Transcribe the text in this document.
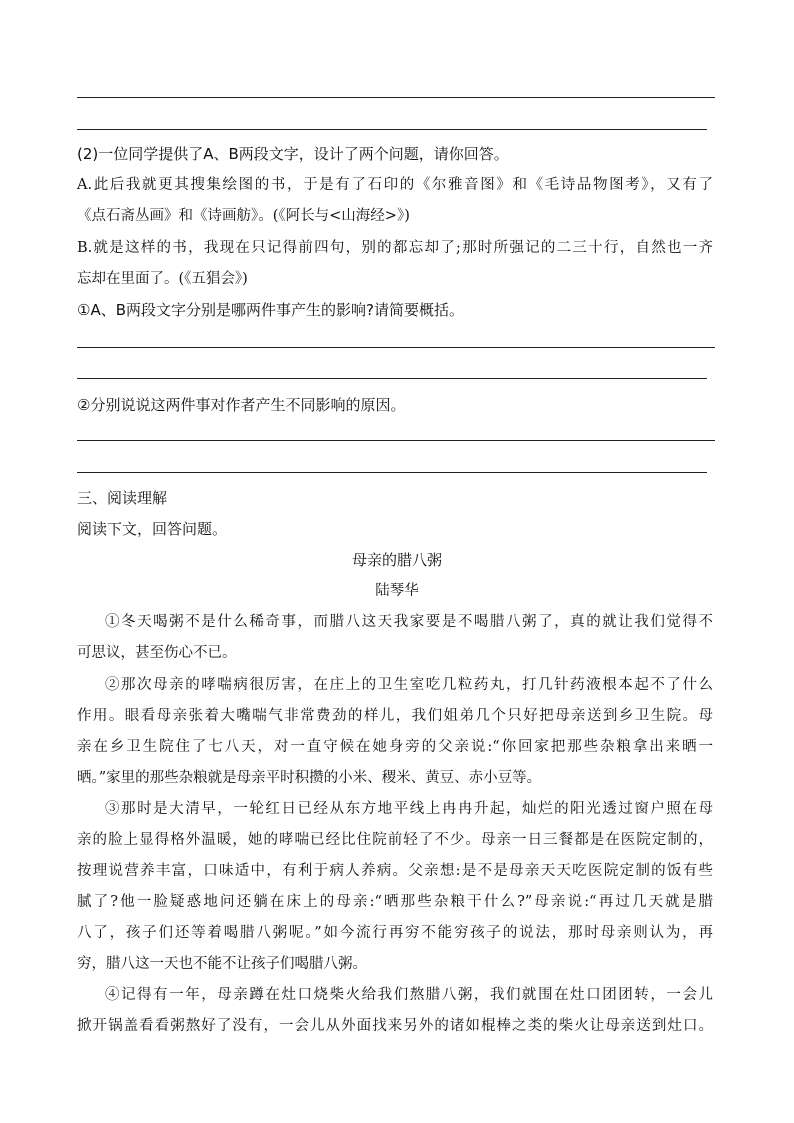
(2)一位同学提供了A、B两段文字，设计了两个问题，请你回答。
A.此后我就更其搜集绘图的书，于是有了石印的《尔雅音图》和《毛诗品物图考》，又有了
《点石斋丛画》和《诗画舫》。(《阿长与<山海经>》)
B.就是这样的书，我现在只记得前四句，别的都忘却了;那时所强记的二三十行，自然也一齐
忘却在里面了。(《五猖会》)
①A、B两段文字分别是哪两件事产生的影响?请简要概括。
②分别说说这两件事对作者产生不同影响的原因。
三、阅读理解
阅读下文，回答问题。
母亲的腊八粥
陆琴华
①冬天喝粥不是什么稀奇事，而腊八这天我家要是不喝腊八粥了，真的就让我们觉得不
可思议，甚至伤心不已。
②那次母亲的哮喘病很厉害，在庄上的卫生室吃几粒药丸，打几针药液根本起不了什么
作用。眼看母亲张着大嘴喘气非常费劲的样儿，我们姐弟几个只好把母亲送到乡卫生院。母
亲在乡卫生院住了七八天，对一直守候在她身旁的父亲说:“你回家把那些杂粮拿出来晒一
晒。”家里的那些杂粮就是母亲平时积攒的小米、稷米、黄豆、赤小豆等。
③那时是大清早，一轮红日已经从东方地平线上冉冉升起，灿烂的阳光透过窗户照在母
亲的脸上显得格外温暖，她的哮喘已经比住院前轻了不少。母亲一日三餐都是在医院定制的，
按理说营养丰富，口味适中，有利于病人养病。父亲想:是不是母亲天天吃医院定制的饭有些
腻了?他一脸疑惑地问还躺在床上的母亲:“晒那些杂粮干什么?”母亲说:“再过几天就是腊
八了，孩子们还等着喝腊八粥呢。”如今流行再穷不能穷孩子的说法，那时母亲则认为，再
穷，腊八这一天也不能不让孩子们喝腊八粥。
④记得有一年，母亲蹲在灶口烧柴火给我们熬腊八粥，我们就围在灶口团团转，一会儿
掀开锅盖看看粥熬好了没有，一会儿从外面找来另外的诸如棍棒之类的柴火让母亲送到灶口。
